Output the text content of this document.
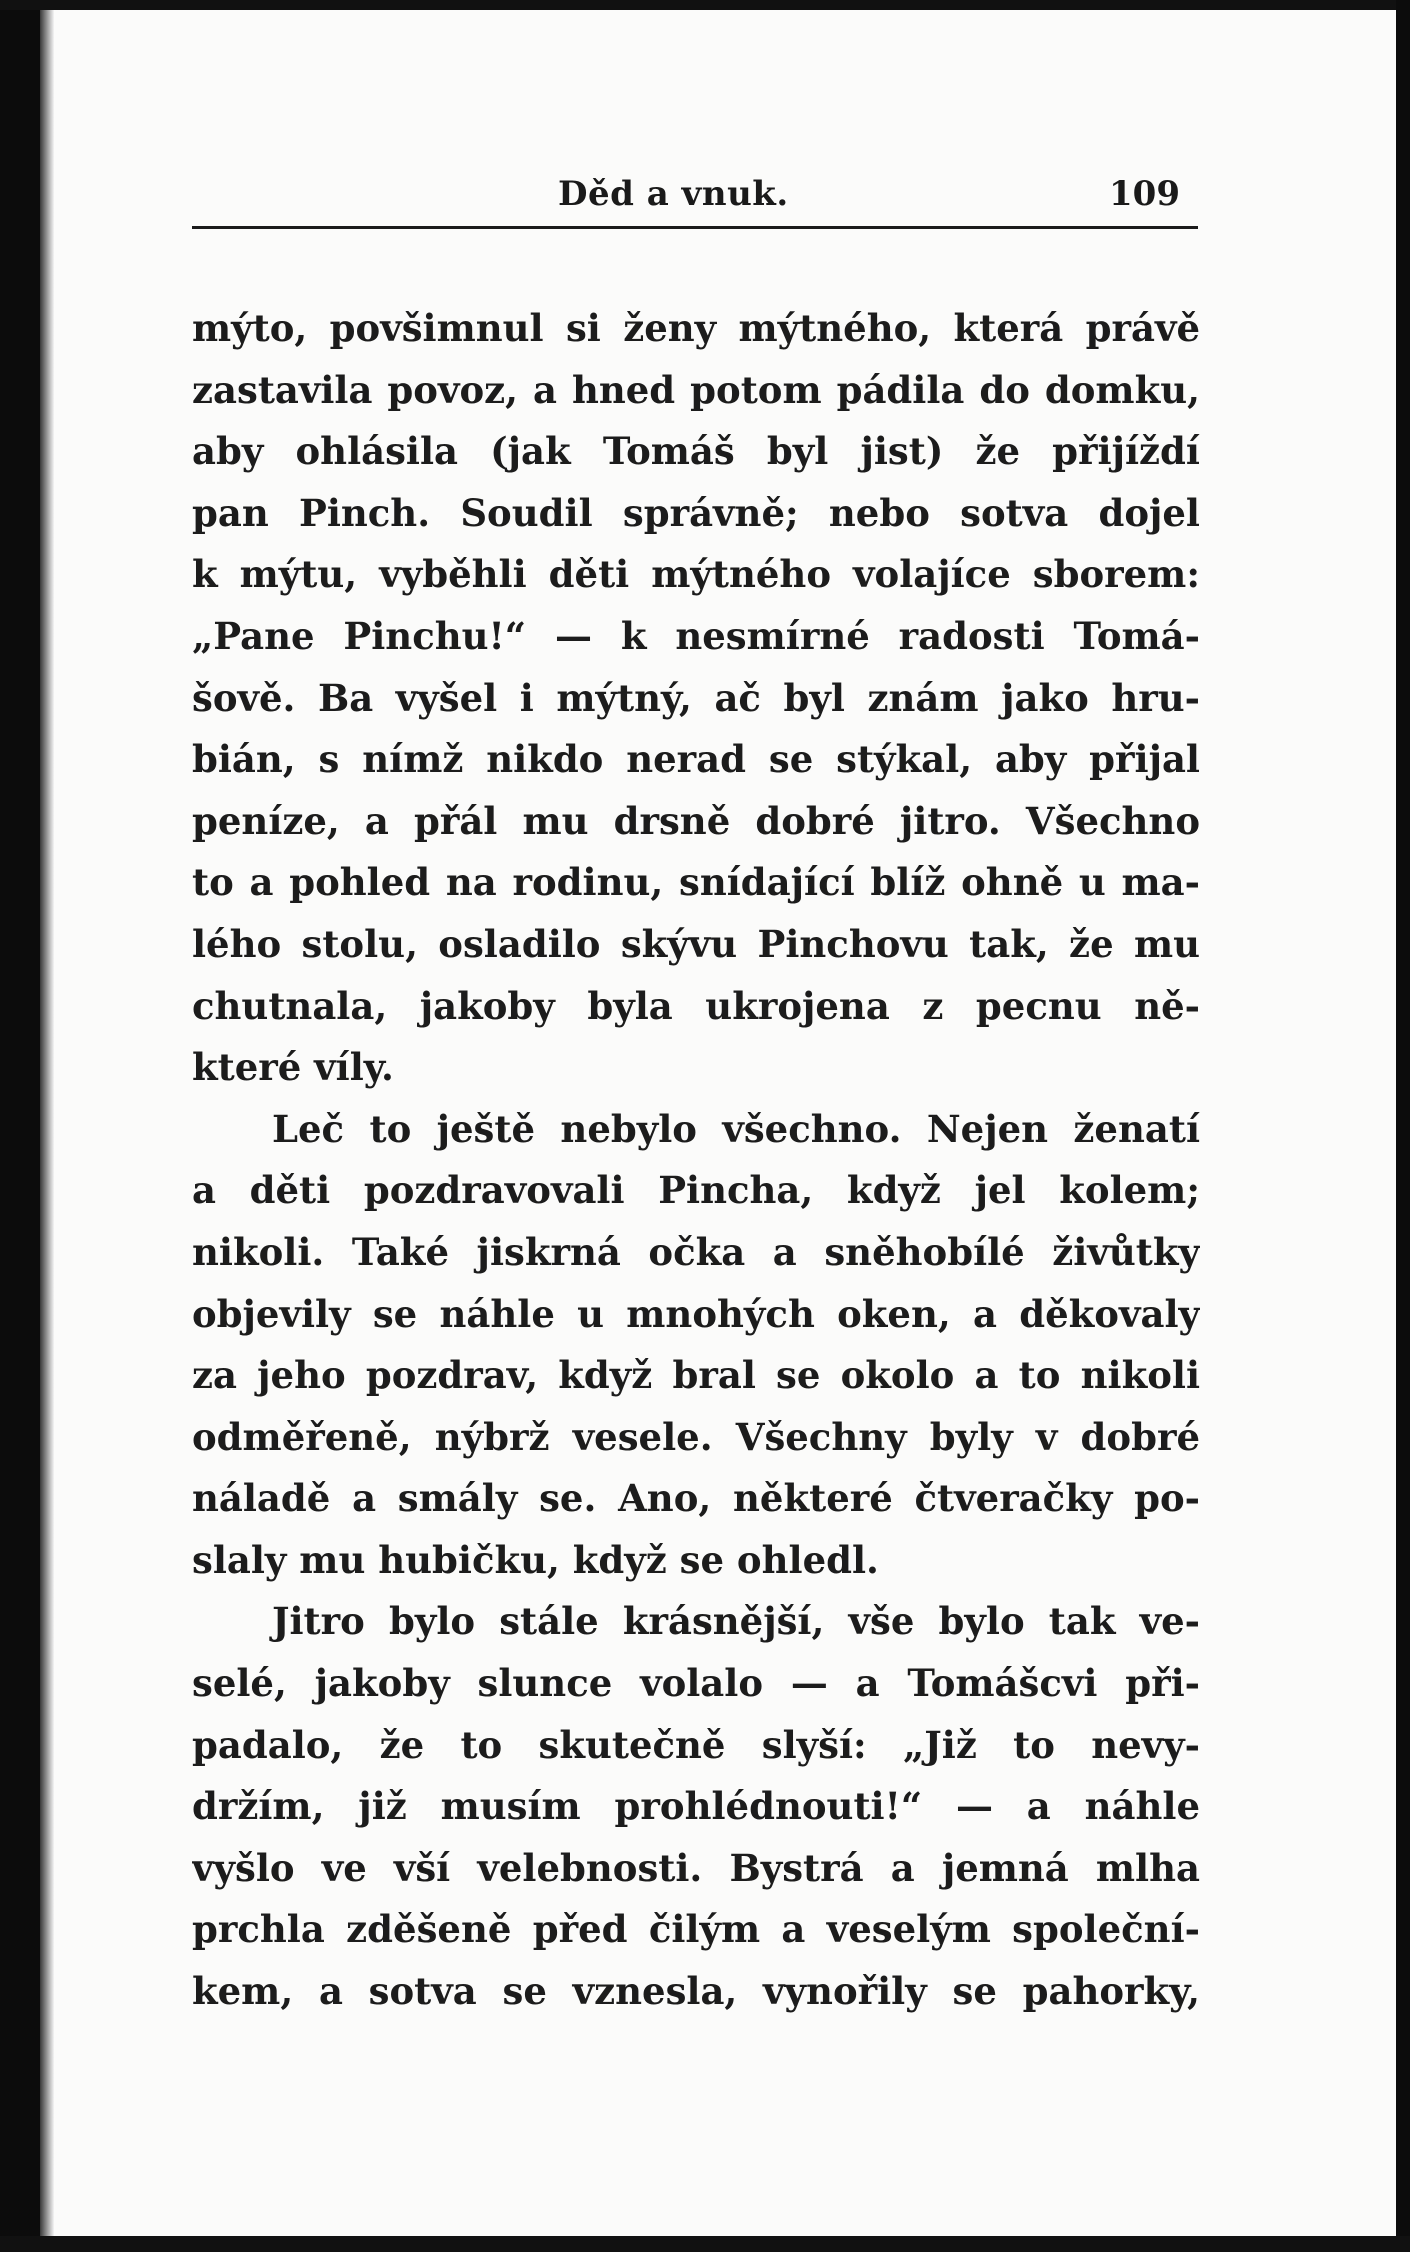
Děd a vnuk.	109
mýto, povšimnul si ženy mýtného, která právě
zastavila povoz, a hned potom pádila do domku,
aby ohlásila (jak Tomáš byl jist) že přijíždí
pan Pinch. Soudil správně; nebo sotva dojel
k mýtu, vyběhli děti mýtného volajíce sborem:
„Pane Pinchu!“ — k nesmírné radosti Tomá-
šově. Ba vyšel i mýtný, ač byl znám jako hru-
bián, s nímž nikdo nerad se stýkal, aby přijal
peníze, a přál mu drsně dobré jitro. Všechno
to a pohled na rodinu, snídající blíž ohně u ma-
lého stolu, osladilo skývu Pinchovu tak, že mu
chutnala, jakoby byla ukrojena z pecnu ně-
které víly.
Leč to ještě nebylo všechno. Nejen ženatí
a děti pozdravovali Pincha, když jel kolem;
nikoli. Také jiskrná očka a sněhobílé živůtky
objevily se náhle u mnohých oken, a děkovaly
za jeho pozdrav, když bral se okolo a to nikoli
odměřeně, nýbrž vesele. Všechny byly v dobré
náladě a smály se. Ano, některé čtveračky po-
slaly mu hubičku, když se ohledl.
Jitro bylo stále krásnější, vše bylo tak ve-
selé, jakoby slunce volalo — a Tomášcvi při-
padalo, že to skutečně slyší: „Již to nevy-
držím, již musím prohlédnouti!“ — a náhle
vyšlo ve vší velebnosti. Bystrá a jemná mlha
prchla zděšeně před čilým a veselým společní-
kem, a sotva se vznesla, vynořily se pahorky,
